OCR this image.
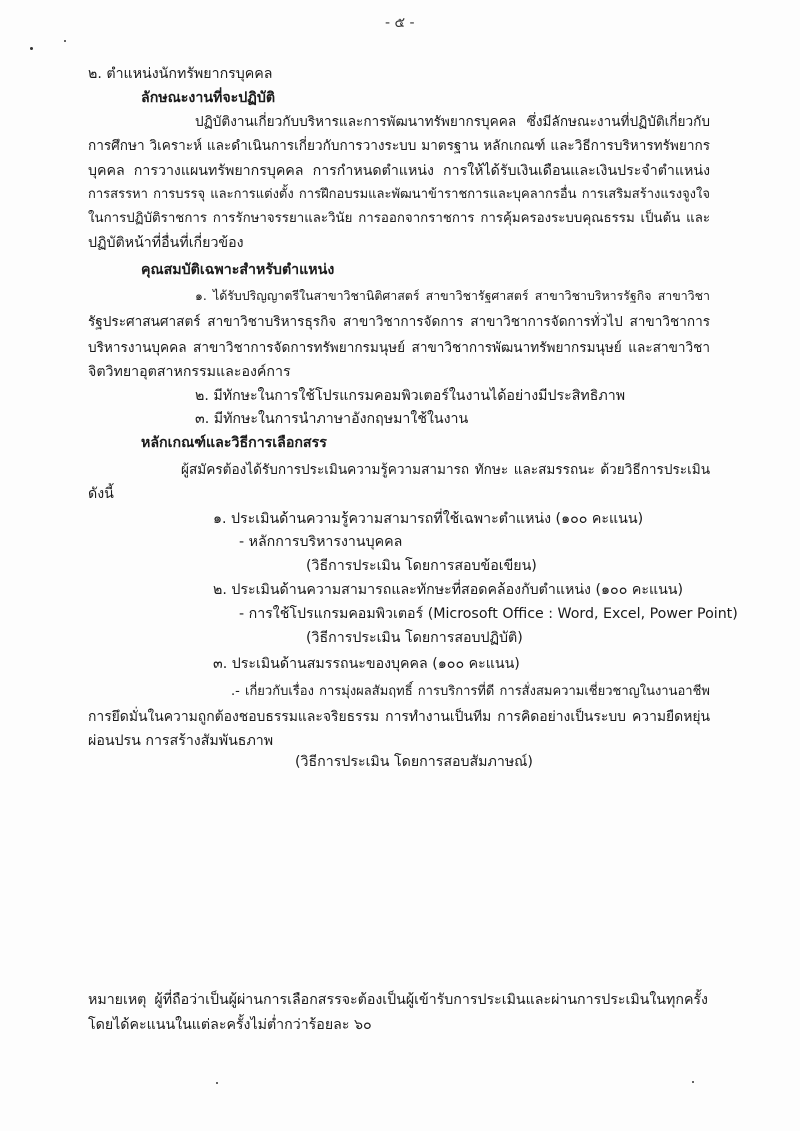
- ๕ -
๒. ตำแหน่งนักทรัพยากรบุคคล
ลักษณะงานที่จะปฏิบัติ
ปฏิบัติงานเกี่ยวกับบริหารและการพัฒนาทรัพยากรบุคคล ซึ่งมีลักษณะงานที่ปฏิบัติเกี่ยวกับ
การศึกษา วิเคราะห์ และดำเนินการเกี่ยวกับการวางระบบ มาตรฐาน หลักเกณฑ์ และวิธีการบริหารทรัพยากร
บุคคล การวางแผนทรัพยากรบุคคล การกำหนดตำแหน่ง การให้ได้รับเงินเดือนและเงินประจำตำแหน่ง
การสรรหา การบรรจุ และการแต่งตั้ง การฝึกอบรมและพัฒนาข้าราชการและบุคลากรอื่น การเสริมสร้างแรงจูงใจ
ในการปฏิบัติราชการ การรักษาจรรยาและวินัย การออกจากราชการ การคุ้มครองระบบคุณธรรม เป็นต้น และ
ปฏิบัติหน้าที่อื่นที่เกี่ยวข้อง
คุณสมบัติเฉพาะสำหรับตำแหน่ง
๑. ได้รับปริญญาตรีในสาขาวิชานิติศาสตร์ สาขาวิชารัฐศาสตร์ สาขาวิชาบริหารรัฐกิจ สาขาวิชา
รัฐประศาสนศาสตร์ สาขาวิชาบริหารธุรกิจ สาขาวิชาการจัดการ สาขาวิชาการจัดการทั่วไป สาขาวิชาการ
บริหารงานบุคคล สาขาวิชาการจัดการทรัพยากรมนุษย์ สาขาวิชาการพัฒนาทรัพยากรมนุษย์ และสาขาวิชา
จิตวิทยาอุตสาหกรรมและองค์การ
๒. มีทักษะในการใช้โปรแกรมคอมพิวเตอร์ในงานได้อย่างมีประสิทธิภาพ
๓. มีทักษะในการนำภาษาอังกฤษมาใช้ในงาน
หลักเกณฑ์และวิธีการเลือกสรร
ผู้สมัครต้องได้รับการประเมินความรู้ความสามารถ ทักษะ และสมรรถนะ ด้วยวิธีการประเมิน
ดังนี้
๑. ประเมินด้านความรู้ความสามารถที่ใช้เฉพาะตำแหน่ง (๑๐๐ คะแนน)
- หลักการบริหารงานบุคคล
(วิธีการประเมิน โดยการสอบข้อเขียน)
๒. ประเมินด้านความสามารถและทักษะที่สอดคล้องกับตำแหน่ง (๑๐๐ คะแนน)
- การใช้โปรแกรมคอมพิวเตอร์ (Microsoft Office : Word, Excel, Power Point)
(วิธีการประเมิน โดยการสอบปฏิบัติ)
๓. ประเมินด้านสมรรถนะของบุคคล (๑๐๐ คะแนน)
.- เกี่ยวกับเรื่อง การมุ่งผลสัมฤทธิ์ การบริการที่ดี การสั่งสมความเชี่ยวชาญในงานอาชีพ
การยึดมั่นในความถูกต้องชอบธรรมและจริยธรรม การทำงานเป็นทีม การคิดอย่างเป็นระบบ ความยืดหยุ่น
ผ่อนปรน การสร้างสัมพันธภาพ
(วิธีการประเมิน โดยการสอบสัมภาษณ์)
หมายเหตุ ผู้ที่ถือว่าเป็นผู้ผ่านการเลือกสรรจะต้องเป็นผู้เข้ารับการประเมินและผ่านการประเมินในทุกครั้ง
โดยได้คะแนนในแต่ละครั้งไม่ต่ำกว่าร้อยละ ๖๐
